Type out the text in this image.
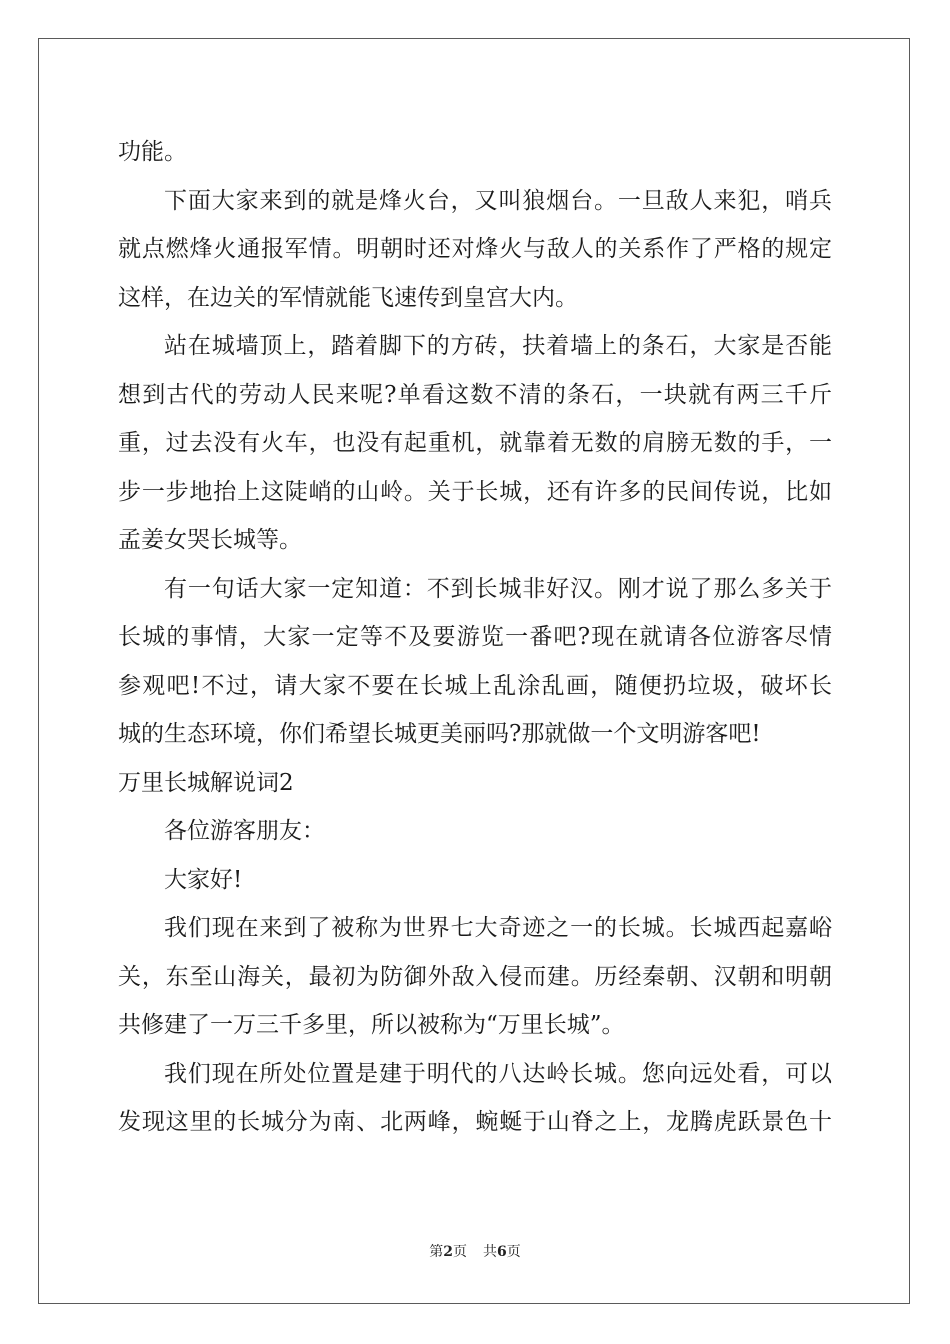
功能。
下面大家来到的就是烽火台，又叫狼烟台。一旦敌人来犯，哨兵
就点燃烽火通报军情。明朝时还对烽火与敌人的关系作了严格的规定
这样，在边关的军情就能飞速传到皇宫大内。
站在城墙顶上，踏着脚下的方砖，扶着墙上的条石，大家是否能
想到古代的劳动人民来呢?单看这数不清的条石，一块就有两三千斤
重，过去没有火车，也没有起重机，就靠着无数的肩膀无数的手，一
步一步地抬上这陡峭的山岭。关于长城，还有许多的民间传说，比如
孟姜女哭长城等。
有一句话大家一定知道：不到长城非好汉。刚才说了那么多关于
长城的事情，大家一定等不及要游览一番吧?现在就请各位游客尽情
参观吧!不过，请大家不要在长城上乱涂乱画，随便扔垃圾，破坏长
城的生态环境，你们希望长城更美丽吗?那就做一个文明游客吧!
万里长城解说词2
各位游客朋友：
大家好!
我们现在来到了被称为世界七大奇迹之一的长城。长城西起嘉峪
关，东至山海关，最初为防御外敌入侵而建。历经秦朝、汉朝和明朝
共修建了一万三千多里，所以被称为“万里长城”。
我们现在所处位置是建于明代的八达岭长城。您向远处看，可以
发现这里的长城分为南、北两峰，蜿蜒于山脊之上，龙腾虎跃景色十
第2页 共6页
